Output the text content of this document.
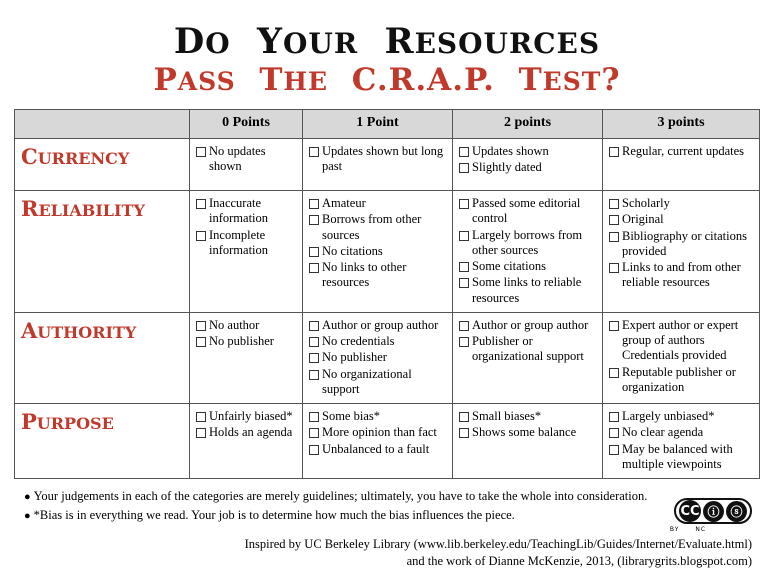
DO YOUR RESOURCES
PASS THE C.R.A.P. TEST?
	0 Points	1 Point	2 points	3 points
CURRENCY	No updates shown

Updates shown but long past

Updates shown
Slightly dated

Regular, current updates

RELIABILITY	Inaccurate information
Incomplete information

Amateur
Borrows from other sources
No citations
No links to other resources

Passed some editorial control
Largely borrows from other sources
Some citations
Some links to reliable resources

Scholarly
Original
Bibliography or citations provided
Links to and from other reliable resources

AUTHORITY	No author
No publisher

Author or group author
No credentials
No publisher
No organizational support

Author or group author
Publisher or organizational support

Expert author or expert group of authors Credentials provided
Reputable publisher or organization

PURPOSE	Unfairly biased*
Holds an agenda

Some bias*
More opinion than fact
Unbalanced to a fault

Small biases*
Shows some balance

Largely unbiased*
No clear agenda
May be balanced with multiple viewpoints

● Your judgements in each of the categories are merely guidelines; ultimately, you have to take the whole into consideration.

● *Bias is in everything we read. Your job is to determine how much the bias influences the piece.	CC ⓘ ⓢ
BY	NC
Inspired by UC Berkeley Library (www.lib.berkeley.edu/TeachingLib/Guides/Internet/Evaluate.html)
and the work of Dianne McKenzie, 2013, (librarygrits.blogspot.com)
